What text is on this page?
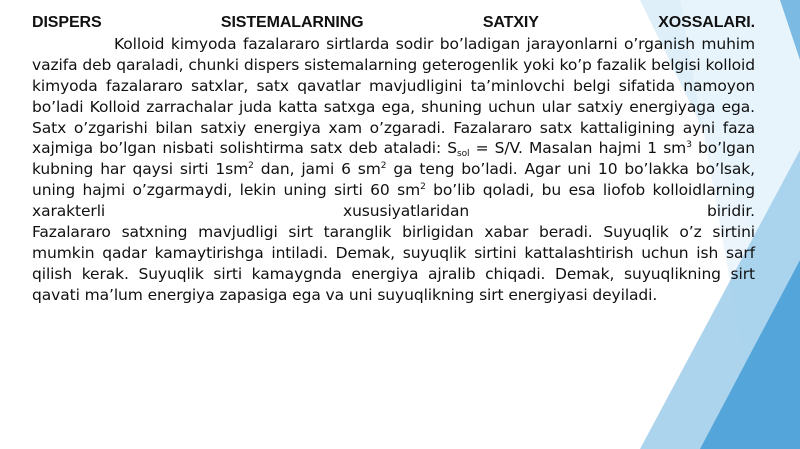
DISPERS	SISTEMALARNING	SATXIY	XOSSALARI.

Kolloid kimyoda fazalararo sirtlarda sodir bo’ladigan jarayonlarni o’rganish muhim vazifa deb qaraladi, chunki dispers sistemalarning geterogenlik yoki ko’p fazalik belgisi kolloid kimyoda fazalararo satxlar, satx qavatlar mavjudligini ta’minlovchi belgi sifatida namoyon bo’ladi Kolloid zarrachalar juda katta satxga ega, shuning uchun ular satxiy energiyaga ega. Satx o’zgarishi bilan satxiy energiya xam o’zgaradi. Fazalararo satx kattaligining ayni faza xajmiga bo’lgan nisbati solishtirma satx deb ataladi: $S_{sol} = S/V$. Masalan hajmi 1 $sm^3$ bo’lgan kubning har qaysi sirti $1sm^2$ dan, jami 6 $sm^2$ ga teng bo’ladi. Agar uni 10 bo’lakka bo’lsak, uning hajmi o’zgarmaydi, lekin uning sirti 60 $sm^2$ bo’lib qoladi, bu esa liofob kolloidlarning xarakterli xususiyatlaridan biridir.

Fazalararo satxning mavjudligi sirt taranglik birligidan xabar beradi. Suyuqlik o’z sirtini mumkin qadar kamaytirishga intiladi. Demak, suyuqlik sirtini kattalashtirish uchun ish sarf qilish kerak. Suyuqlik sirti kamaygnda energiya ajralib chiqadi. Demak, suyuqlikning sirt qavati ma’lum energiya zapasiga ega va uni suyuqlikning sirt energiyasi deyiladi.
